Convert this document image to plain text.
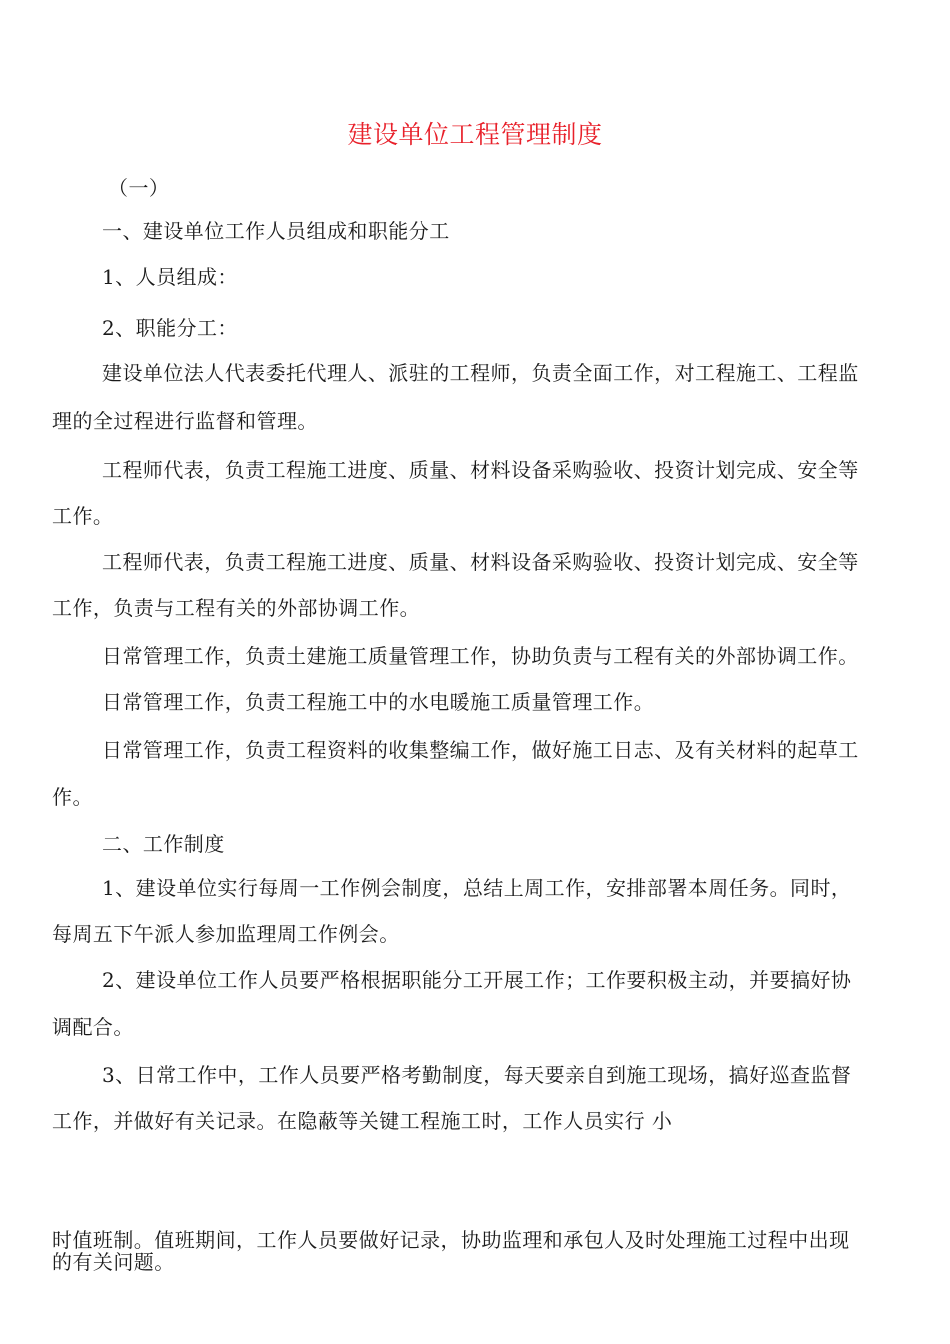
建设单位工程管理制度
（一）
一、建设单位工作人员组成和职能分工
1、人员组成：
2、职能分工：
建设单位法人代表委托代理人、派驻的工程师，负责全面工作，对工程施工、工程监
理的全过程进行监督和管理。
工程师代表，负责工程施工进度、质量、材料设备采购验收、投资计划完成、安全等
工作。
工程师代表，负责工程施工进度、质量、材料设备采购验收、投资计划完成、安全等
工作，负责与工程有关的外部协调工作。
日常管理工作，负责土建施工质量管理工作，协助负责与工程有关的外部协调工作。
日常管理工作，负责工程施工中的水电暖施工质量管理工作。
日常管理工作，负责工程资料的收集整编工作，做好施工日志、及有关材料的起草工
作。
二、工作制度
1、建设单位实行每周一工作例会制度，总结上周工作，安排部署本周任务。同时，
每周五下午派人参加监理周工作例会。
2、建设单位工作人员要严格根据职能分工开展工作；工作要积极主动，并要搞好协
调配合。
3、日常工作中，工作人员要严格考勤制度，每天要亲自到施工现场，搞好巡查监督
工作，并做好有关记录。在隐蔽等关键工程施工时，工作人员实行 小
时值班制。值班期间，工作人员要做好记录，协助监理和承包人及时处理施工过程中出现
的有关问题。
